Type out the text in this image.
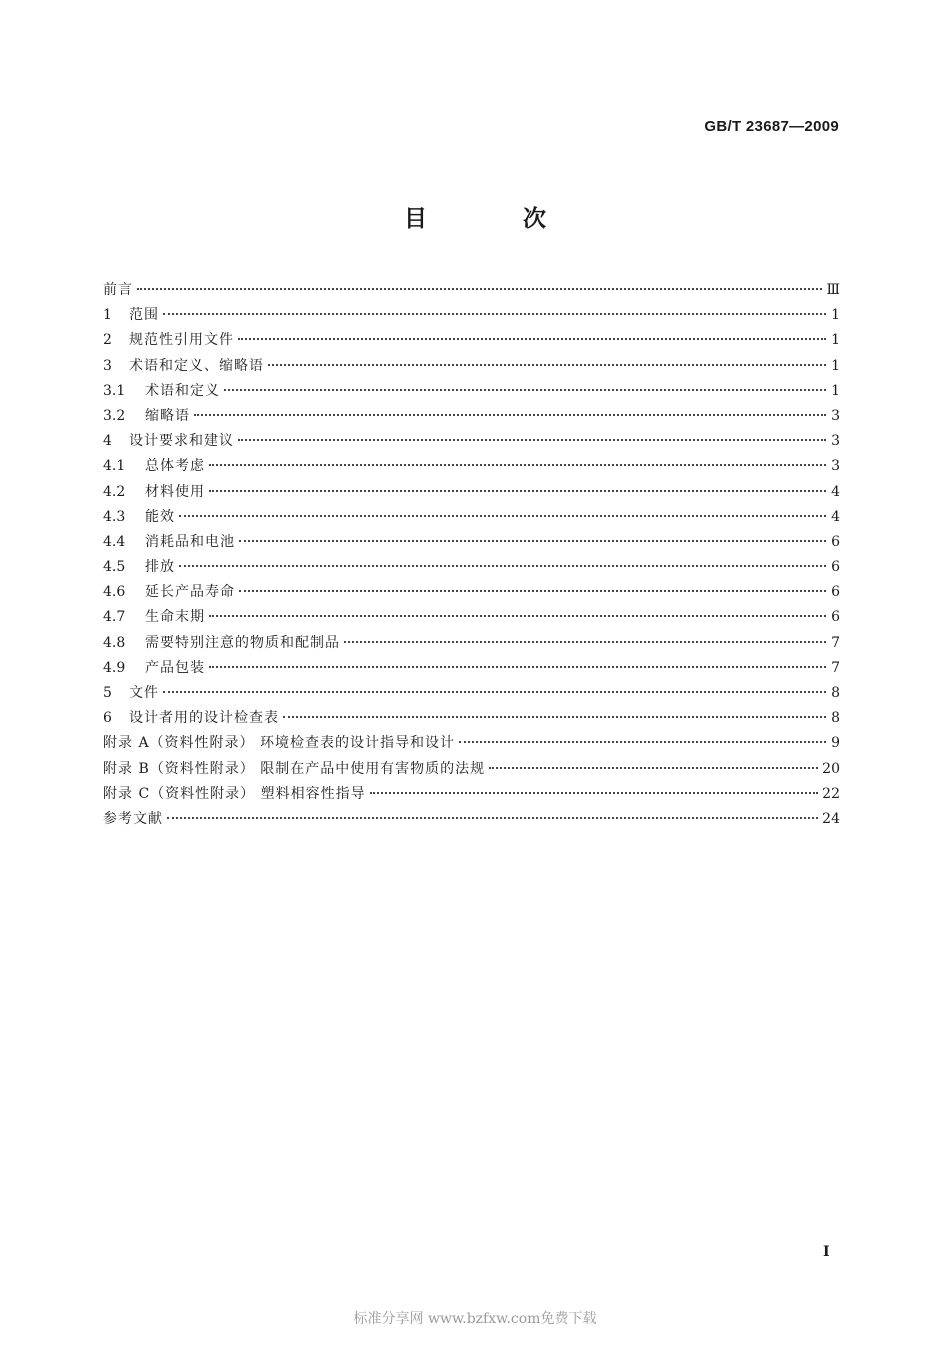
GB/T 23687—2009
目 次
前言	Ⅲ
1	范围	1
2	规范性引用文件	1
3	术语和定义、缩略语	1
3.1	术语和定义	1
3.2	缩略语	3
4	设计要求和建议	3
4.1	总体考虑	3
4.2	材料使用	4
4.3	能效	4
4.4	消耗品和电池	6
4.5	排放	6
4.6	延长产品寿命	6
4.7	生命末期	6
4.8	需要特别注意的物质和配制品	7
4.9	产品包装	7
5	文件	8
6	设计者用的设计检查表	8
附录 A（资料性附录） 环境检查表的设计指导和设计	9
附录 B（资料性附录） 限制在产品中使用有害物质的法规	20
附录 C（资料性附录） 塑料相容性指导	22
参考文献	24
I
标准分享网 www.bzfxw.com免费下载
